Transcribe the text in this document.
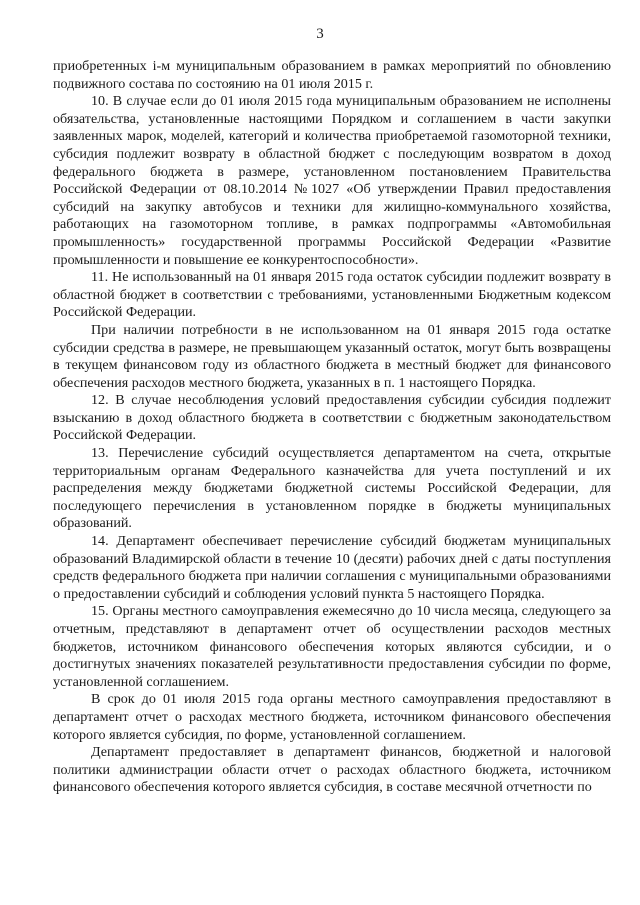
3

приобретенных i-м муниципальным образованием в рамках мероприятий по обновлению подвижного состава по состоянию на 01 июля 2015 г.

10. В случае если до 01 июля 2015 года муниципальным образованием не исполнены обязательства, установленные настоящими Порядком и соглашением в части закупки заявленных марок, моделей, категорий и количества приобретаемой газомоторной техники, субсидия подлежит возврату в областной бюджет с последующим возвратом в доход федерального бюджета в размере, установленном постановлением Правительства Российской Федерации от 08.10.2014 №1027 «Об утверждении Правил предоставления субсидий на закупку автобусов и техники для жилищно-коммунального хозяйства, работающих на газомоторном топливе, в рамках подпрограммы «Автомобильная промышленность» государственной программы Российской Федерации «Развитие промышленности и повышение ее конкурентоспособности».

11. Не использованный на 01 января 2015 года остаток субсидии подлежит возврату в областной бюджет в соответствии с требованиями, установленными Бюджетным кодексом Российской Федерации.

При наличии потребности в не использованном на 01 января 2015 года остатке субсидии средства в размере, не превышающем указанный остаток, могут быть возвращены в текущем финансовом году из областного бюджета в местный бюджет для финансового обеспечения расходов местного бюджета, указанных в п. 1 настоящего Порядка.

12. В случае несоблюдения условий предоставления субсидии субсидия подлежит взысканию в доход областного бюджета в соответствии с бюджетным законодательством Российской Федерации.

13. Перечисление субсидий осуществляется департаментом на счета, открытые территориальным органам Федерального казначейства для учета поступлений и их распределения между бюджетами бюджетной системы Российской Федерации, для последующего перечисления в установленном порядке в бюджеты муниципальных образований.

14. Департамент обеспечивает перечисление субсидий бюджетам муниципальных образований Владимирской области в течение 10 (десяти) рабочих дней с даты поступления средств федерального бюджета при наличии соглашения с муниципальными образованиями о предоставлении субсидий и соблюдения условий пункта 5 настоящего Порядка.

15. Органы местного самоуправления ежемесячно до 10 числа месяца, следующего за отчетным, представляют в департамент отчет об осуществлении расходов местных бюджетов, источником финансового обеспечения которых являются субсидии, и о достигнутых значениях показателей результативности предоставления субсидии по форме, установленной соглашением.

В срок до 01 июля 2015 года органы местного самоуправления предоставляют в департамент отчет о расходах местного бюджета, источником финансового обеспечения которого является субсидия, по форме, установленной соглашением.

Департамент предоставляет в департамент финансов, бюджетной и налоговой политики администрации области отчет о расходах областного бюджета, источником финансового обеспечения которого является субсидия, в составе месячной отчетности по
